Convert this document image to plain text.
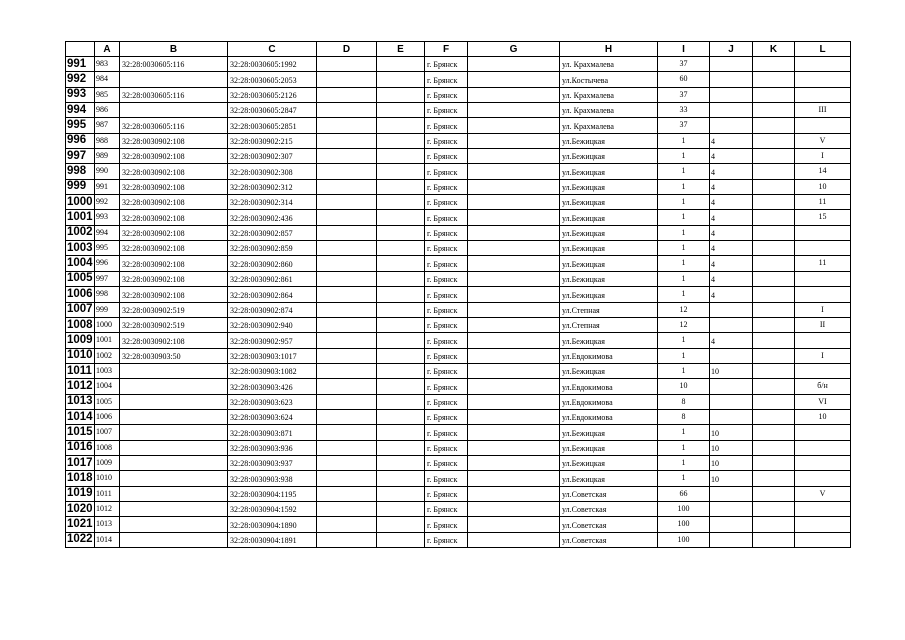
	A	B	C	D	E	F	G	H	I	J	K	L
991	983	32:28:0030605:116	32:28:0030605:1992			г. Брянск		ул. Крахмалева	37			
992	984		32:28:0030605:2053			г. Брянск		ул.Костычева	60			
993	985	32:28:0030605:116	32:28:0030605:2126			г. Брянск		ул. Крахмалева	37			
994	986		32:28:0030605:2847			г. Брянск		ул. Крахмалева	33			III
995	987	32:28:0030605:116	32:28:0030605:2851			г. Брянск		ул. Крахмалева	37			
996	988	32:28:0030902:108	32:28:0030902:215			г. Брянск		ул.Бежицкая	1	4		V
997	989	32:28:0030902:108	32:28:0030902:307			г. Брянск		ул.Бежицкая	1	4		I
998	990	32:28:0030902:108	32:28:0030902:308			г. Брянск		ул.Бежицкая	1	4		14
999	991	32:28:0030902:108	32:28:0030902:312			г. Брянск		ул.Бежицкая	1	4		10
1000	992	32:28:0030902:108	32:28:0030902:314			г. Брянск		ул.Бежицкая	1	4		11
1001	993	32:28:0030902:108	32:28:0030902:436			г. Брянск		ул.Бежицкая	1	4		15
1002	994	32:28:0030902:108	32:28:0030902:857			г. Брянск		ул.Бежицкая	1	4		
1003	995	32:28:0030902:108	32:28:0030902:859			г. Брянск		ул.Бежицкая	1	4		
1004	996	32:28:0030902:108	32:28:0030902:860			г. Брянск		ул.Бежицкая	1	4		11
1005	997	32:28:0030902:108	32:28:0030902:861			г. Брянск		ул.Бежицкая	1	4		
1006	998	32:28:0030902:108	32:28:0030902:864			г. Брянск		ул.Бежицкая	1	4		
1007	999	32:28:0030902:519	32:28:0030902:874			г. Брянск		ул.Степная	12			I
1008	1000	32:28:0030902:519	32:28:0030902:940			г. Брянск		ул.Степная	12			II
1009	1001	32:28:0030902:108	32:28:0030902:957			г. Брянск		ул.Бежицкая	1	4		
1010	1002	32:28:0030903:50	32:28:0030903:1017			г. Брянск		ул.Евдокимова	1			I
1011	1003		32:28:0030903:1082			г. Брянск		ул.Бежицкая	1	10		
1012	1004		32:28:0030903:426			г. Брянск		ул.Евдокимова	10			б/н
1013	1005		32:28:0030903:623			г. Брянск		ул.Евдокимова	8			VI
1014	1006		32:28:0030903:624			г. Брянск		ул.Евдокимова	8			10
1015	1007		32:28:0030903:871			г. Брянск		ул.Бежицкая	1	10		
1016	1008		32:28:0030903:936			г. Брянск		ул.Бежицкая	1	10		
1017	1009		32:28:0030903:937			г. Брянск		ул.Бежицкая	1	10		
1018	1010		32:28:0030903:938			г. Брянск		ул.Бежицкая	1	10		
1019	1011		32:28:0030904:1195			г. Брянск		ул.Советская	66			V
1020	1012		32:28:0030904:1592			г. Брянск		ул.Советская	100			
1021	1013		32:28:0030904:1890			г. Брянск		ул.Советская	100			
1022	1014		32:28:0030904:1891			г. Брянск		ул.Советская	100			
